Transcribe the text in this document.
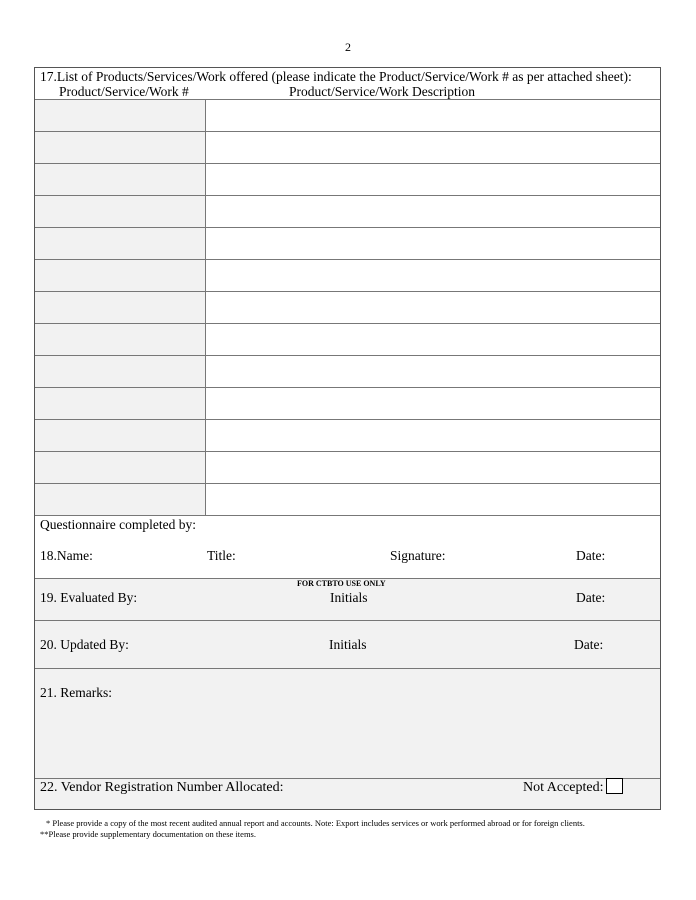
2
17.List of Products/Services/Work offered (please indicate the Product/Service/Work # as per attached sheet):
Product/Service/Work #	Product/Service/Work Description
Questionnaire completed by:
18.Name:	Title:	Signature:	Date:
FOR CTBTO USE ONLY
19. Evaluated By:	Initials	Date:
20. Updated By:	Initials	Date:
21. Remarks:
22. Vendor Registration Number Allocated:	Not Accepted:
* Please provide a copy of the most recent audited annual report and accounts. Note: Export includes services or work performed abroad or for foreign clients.
**Please provide supplementary documentation on these items.
